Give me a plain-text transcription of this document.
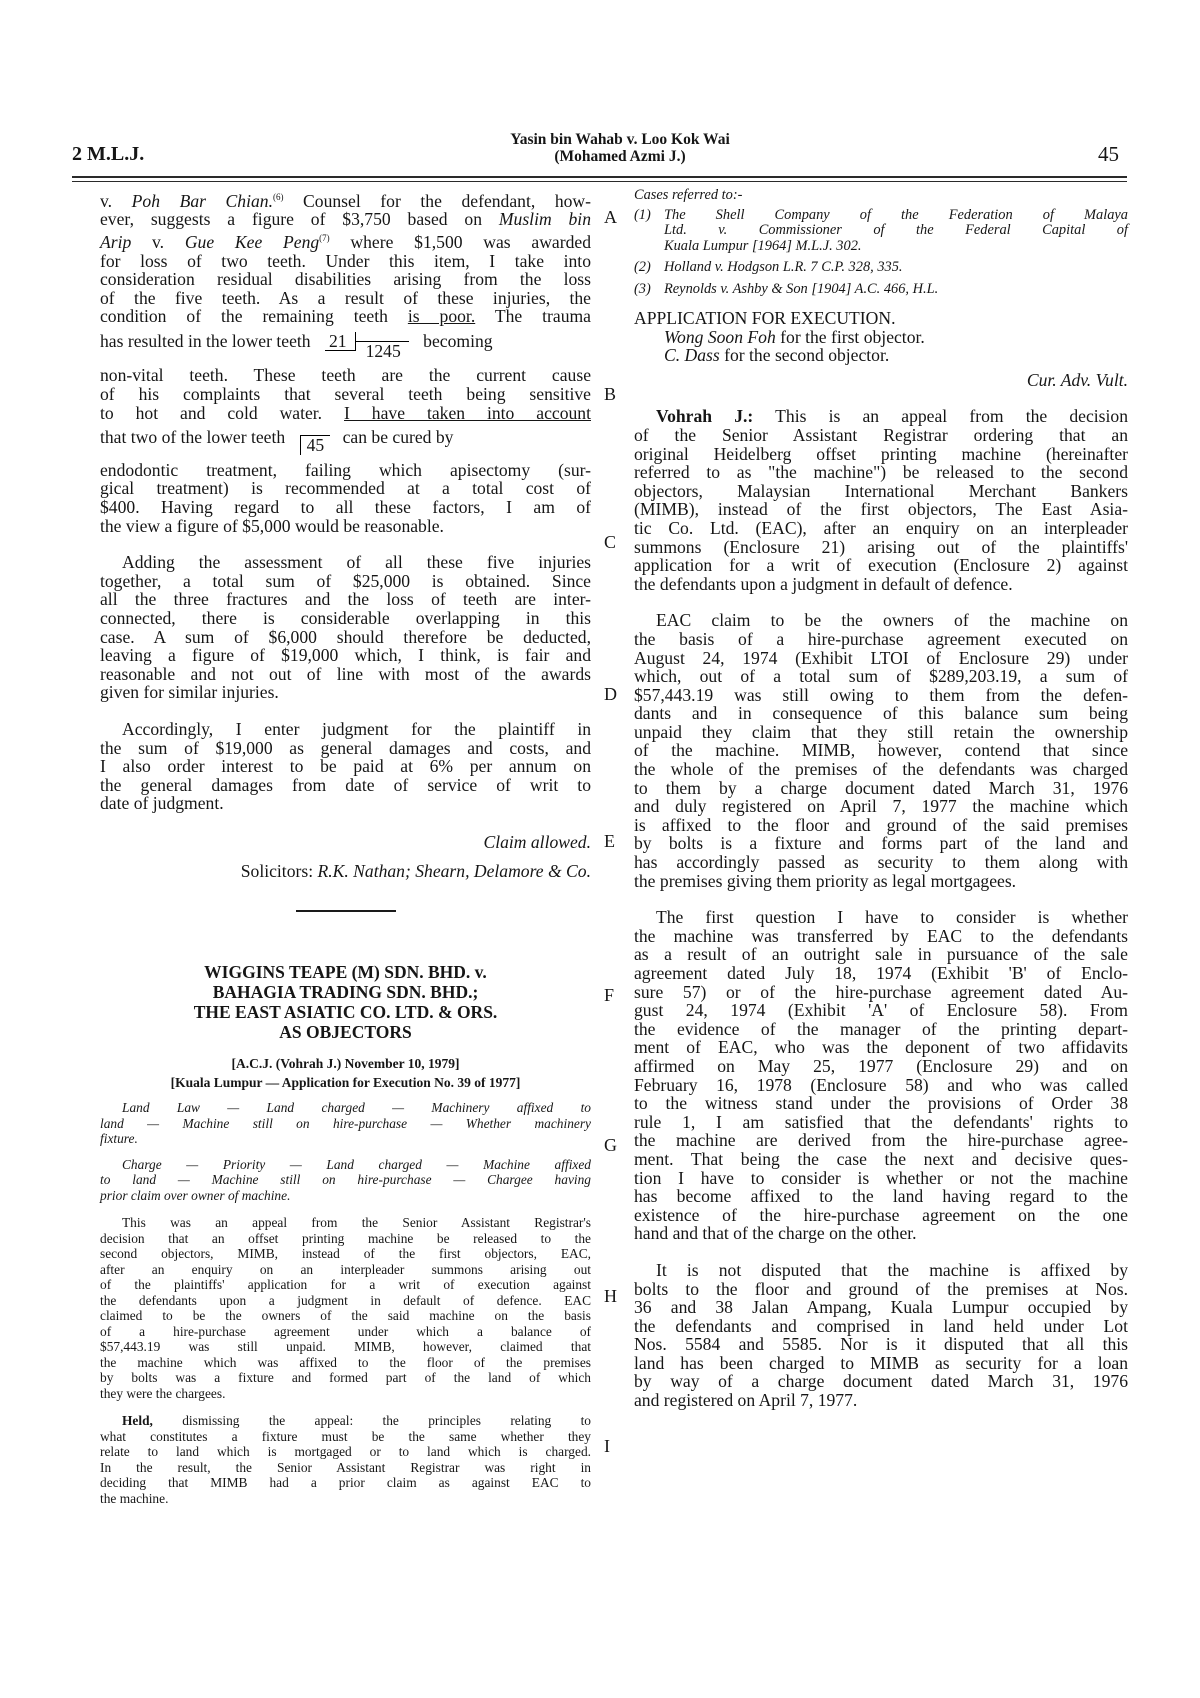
2 M.L.J.
Yasin bin Wahab v. Loo Kok Wai
(Mohamed Azmi J.)	45
A
B
C
D
E
F
G
H
I
v. Poh Bar Chian.$^{(6)}$ Counsel for the defendant, how-
ever, suggests a figure of $3,750 based on Muslim bin
Arip v. Gue Kee Peng$^{(7)}$ where $1,500 was awarded
for loss of two teeth. Under this item, I take into
consideration residual disabilities arising from the loss
of the five teeth. As a result of these injuries, the
condition of the remaining teeth is poor. The trauma
has resulted in the lower teeth 21 1245 becoming
non-vital teeth. These teeth are the current cause
of his complaints that several teeth being sensitive
to hot and cold water. I have taken into account
that two of the lower teeth 45 can be cured by
endodontic treatment, failing which apisectomy (sur-
gical treatment) is recommended at a total cost of
$400. Having regard to all these factors, I am of
the view a figure of $5,000 would be reasonable.
Adding the assessment of all these five injuries
together, a total sum of $25,000 is obtained. Since
all the three fractures and the loss of teeth are inter-
connected, there is considerable overlapping in this
case. A sum of $6,000 should therefore be deducted,
leaving a figure of $19,000 which, I think, is fair and
reasonable and not out of line with most of the awards
given for similar injuries.
Accordingly, I enter judgment for the plaintiff in
the sum of $19,000 as general damages and costs, and
I also order interest to be paid at 6% per annum on
the general damages from date of service of writ to
date of judgment.
Claim allowed.
Solicitors: R.K. Nathan; Shearn, Delamore & Co.
WIGGINS TEAPE (M) SDN. BHD. v.
BAHAGIA TRADING SDN. BHD.;
THE EAST ASIATIC CO. LTD. & ORS.
AS OBJECTORS
[A.C.J. (Vohrah J.) November 10, 1979]
[Kuala Lumpur — Application for Execution No. 39 of 1977]
Land Law — Land charged — Machinery affixed to
land — Machine still on hire-purchase — Whether machinery
fixture.
Charge — Priority — Land charged — Machine affixed
to land — Machine still on hire-purchase — Chargee having
prior claim over owner of machine.
This was an appeal from the Senior Assistant Registrar's
decision that an offset printing machine be released to the
second objectors, MIMB, instead of the first objectors, EAC,
after an enquiry on an interpleader summons arising out
of the plaintiffs' application for a writ of execution against
the defendants upon a judgment in default of defence. EAC
claimed to be the owners of the said machine on the basis
of a hire-purchase agreement under which a balance of
$57,443.19 was still unpaid. MIMB, however, claimed that
the machine which was affixed to the floor of the premises
by bolts was a fixture and formed part of the land of which
they were the chargees.
Held, dismissing the appeal: the principles relating to
what constitutes a fixture must be the same whether they
relate to land which is mortgaged or to land which is charged.
In the result, the Senior Assistant Registrar was right in
deciding that MIMB had a prior claim as against EAC to
the machine.
Cases referred to:-
(1) The Shell Company of the Federation of Malaya
Ltd. v. Commissioner of the Federal Capital of
Kuala Lumpur [1964] M.L.J. 302.
(2) Holland v. Hodgson L.R. 7 C.P. 328, 335.
(3) Reynolds v. Ashby & Son [1904] A.C. 466, H.L.
APPLICATION FOR EXECUTION.
Wong Soon Foh for the first objector.
C. Dass for the second objector.
Cur. Adv. Vult.
Vohrah J.: This is an appeal from the decision
of the Senior Assistant Registrar ordering that an
original Heidelberg offset printing machine (hereinafter
referred to as "the machine") be released to the second
objectors, Malaysian International Merchant Bankers
(MIMB), instead of the first objectors, The East Asia-
tic Co. Ltd. (EAC), after an enquiry on an interpleader
summons (Enclosure 21) arising out of the plaintiffs'
application for a writ of execution (Enclosure 2) against
the defendants upon a judgment in default of defence.
EAC claim to be the owners of the machine on
the basis of a hire-purchase agreement executed on
August 24, 1974 (Exhibit LTOI of Enclosure 29) under
which, out of a total sum of $289,203.19, a sum of
$57,443.19 was still owing to them from the defen-
dants and in consequence of this balance sum being
unpaid they claim that they still retain the ownership
of the machine. MIMB, however, contend that since
the whole of the premises of the defendants was charged
to them by a charge document dated March 31, 1976
and duly registered on April 7, 1977 the machine which
is affixed to the floor and ground of the said premises
by bolts is a fixture and forms part of the land and
has accordingly passed as security to them along with
the premises giving them priority as legal mortgagees.
The first question I have to consider is whether
the machine was transferred by EAC to the defendants
as a result of an outright sale in pursuance of the sale
agreement dated July 18, 1974 (Exhibit 'B' of Enclo-
sure 57) or of the hire-purchase agreement dated Au-
gust 24, 1974 (Exhibit 'A' of Enclosure 58). From
the evidence of the manager of the printing depart-
ment of EAC, who was the deponent of two affidavits
affirmed on May 25, 1977 (Enclosure 29) and on
February 16, 1978 (Enclosure 58) and who was called
to the witness stand under the provisions of Order 38
rule 1, I am satisfied that the defendants' rights to
the machine are derived from the hire-purchase agree-
ment. That being the case the next and decisive ques-
tion I have to consider is whether or not the machine
has become affixed to the land having regard to the
existence of the hire-purchase agreement on the one
hand and that of the charge on the other.
It is not disputed that the machine is affixed by
bolts to the floor and ground of the premises at Nos.
36 and 38 Jalan Ampang, Kuala Lumpur occupied by
the defendants and comprised in land held under Lot
Nos. 5584 and 5585. Nor is it disputed that all this
land has been charged to MIMB as security for a loan
by way of a charge document dated March 31, 1976
and registered on April 7, 1977.
